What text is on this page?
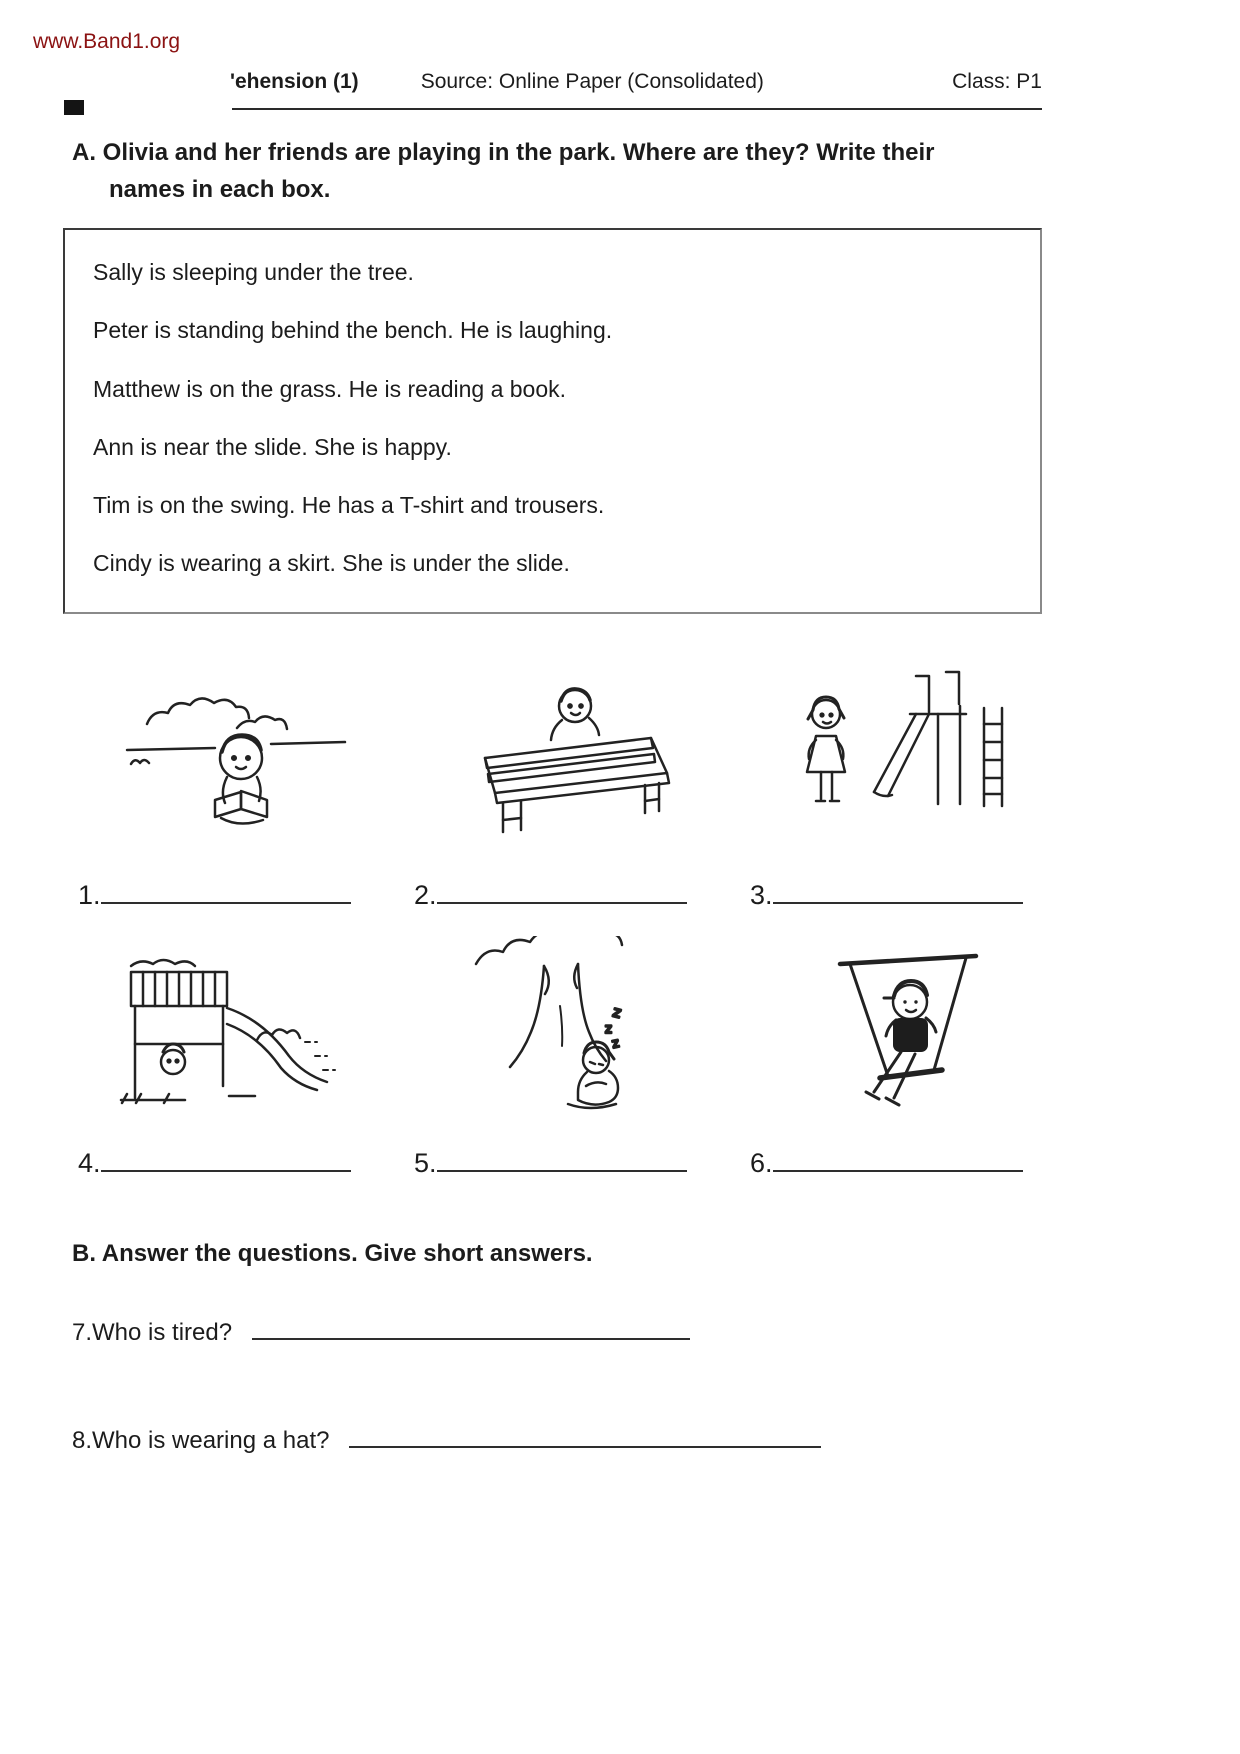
www.Band1.org
'ehension (1)	Source: Online Paper (Consolidated)	Class: P1
A. Olivia and her friends are playing in the park. Where are they? Write their names in each box.

Sally is sleeping under the tree.

Peter is standing behind the bench. He is laughing.

Matthew is on the grass. He is reading a book.

Ann is near the slide. She is happy.

Tim is on the swing. He has a T-shirt and trousers.

Cindy is wearing a skirt. She is under the slide.

1.	2.	3.
z
z
z
4.	5.	6.
B. Answer the questions. Give short answers.
7.Who is tired?
8.Who is wearing a hat?
